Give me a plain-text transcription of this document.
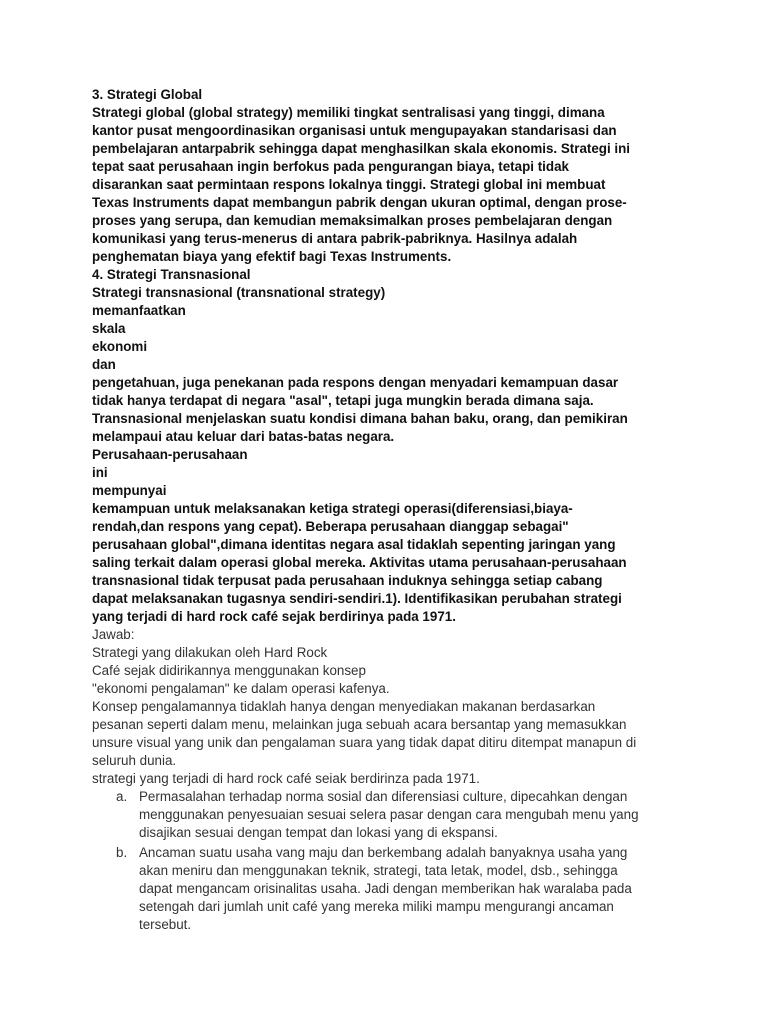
3. Strategi Global
Strategi global (global strategy) memiliki tingkat sentralisasi yang tinggi, dimana
kantor pusat mengoordinasikan organisasi untuk mengupayakan standarisasi dan
pembelajaran antarpabrik sehingga dapat menghasilkan skala ekonomis. Strategi ini
tepat saat perusahaan ingin berfokus pada pengurangan biaya, tetapi tidak
disarankan saat permintaan respons lokalnya tinggi. Strategi global ini membuat
Texas Instruments dapat membangun pabrik dengan ukuran optimal, dengan prose-
proses yang serupa, dan kemudian memaksimalkan proses pembelajaran dengan
komunikasi yang terus-menerus di antara pabrik-pabriknya. Hasilnya adalah
penghematan biaya yang efektif bagi Texas Instruments.
4. Strategi Transnasional
Strategi transnasional (transnational strategy)
memanfaatkan
skala
ekonomi
dan
pengetahuan, juga penekanan pada respons dengan menyadari kemampuan dasar
tidak hanya terdapat di negara "asal", tetapi juga mungkin berada dimana saja.
Transnasional menjelaskan suatu kondisi dimana bahan baku, orang, dan pemikiran
melampaui atau keluar dari batas-batas negara.
Perusahaan-perusahaan
ini
mempunyai
kemampuan untuk melaksanakan ketiga strategi operasi(diferensiasi,biaya-
rendah,dan respons yang cepat). Beberapa perusahaan dianggap sebagai"
perusahaan global",dimana identitas negara asal tidaklah sepenting jaringan yang
saling terkait dalam operasi global mereka. Aktivitas utama perusahaan-perusahaan
transnasional tidak terpusat pada perusahaan induknya sehingga setiap cabang
dapat melaksanakan tugasnya sendiri-sendiri.1). Identifikasikan perubahan strategi
yang terjadi di hard rock café sejak berdirinya pada 1971.
Jawab:
Strategi yang dilakukan oleh Hard Rock
Café sejak didirikannya menggunakan konsep
"ekonomi pengalaman" ke dalam operasi kafenya.
Konsep pengalamannya tidaklah hanya dengan menyediakan makanan berdasarkan
pesanan seperti dalam menu, melainkan juga sebuah acara bersantap yang memasukkan
unsure visual yang unik dan pengalaman suara yang tidak dapat ditiru ditempat manapun di
seluruh dunia.
strategi yang terjadi di hard rock café seiak berdirinza pada 1971.
a. Permasalahan terhadap norma sosial dan diferensiasi culture, dipecahkan dengan
menggunakan penyesuaian sesuai selera pasar dengan cara mengubah menu yang
disajikan sesuai dengan tempat dan lokasi yang di ekspansi.
b. Ancaman suatu usaha vang maju dan berkembang adalah banyaknya usaha yang
akan meniru dan menggunakan teknik, strategi, tata letak, model, dsb., sehingga
dapat mengancam orisinalitas usaha. Jadi dengan memberikan hak waralaba pada
setengah dari jumlah unit café yang mereka miliki mampu mengurangi ancaman
tersebut.
